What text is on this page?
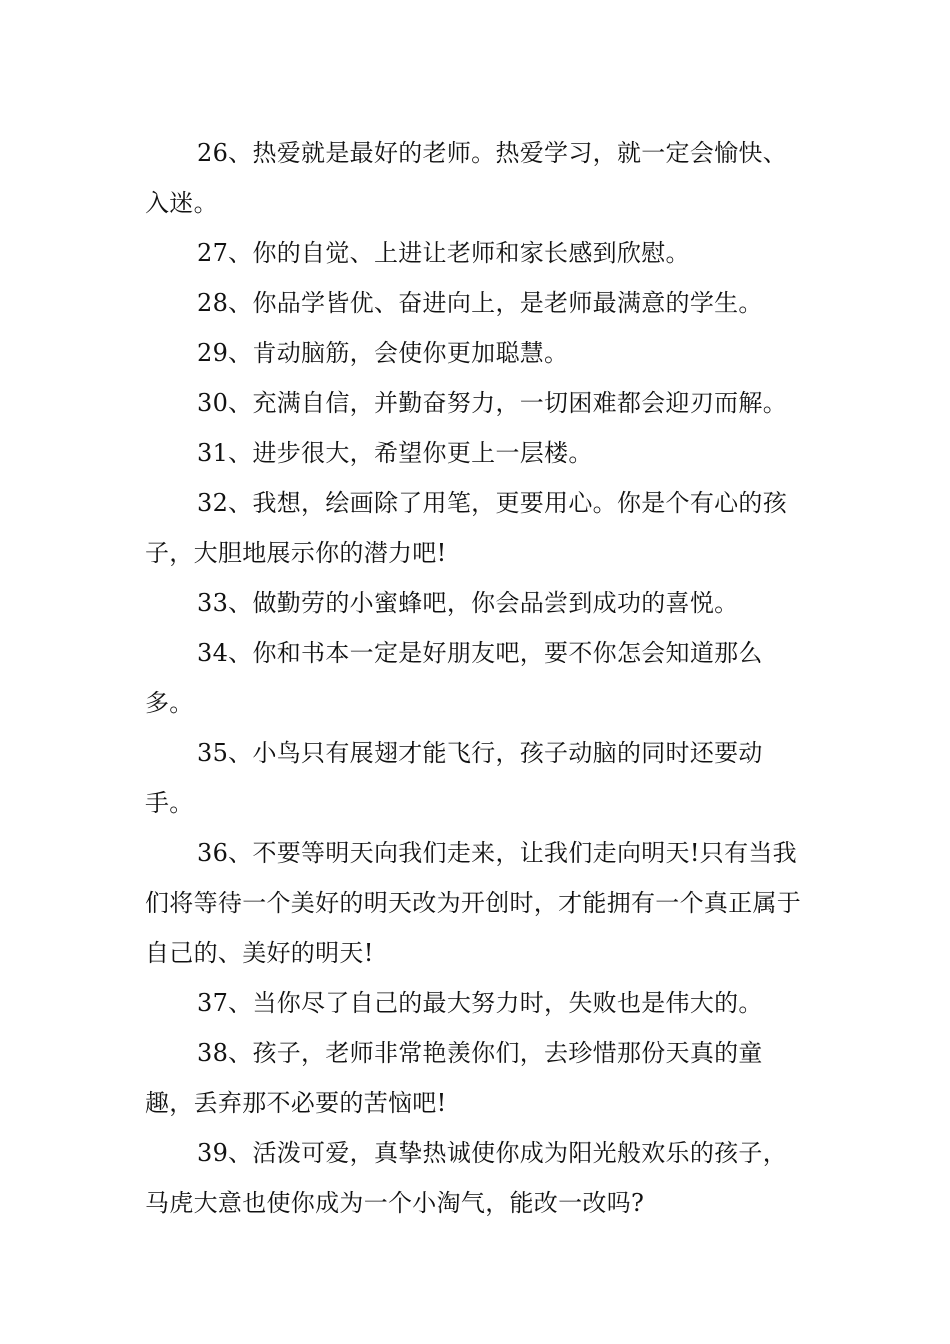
26、热爱就是最好的老师。热爱学习，就一定会愉快、入迷。

27、你的自觉、上进让老师和家长感到欣慰。

28、你品学皆优、奋进向上，是老师最满意的学生。

29、肯动脑筋，会使你更加聪慧。

30、充满自信，并勤奋努力，一切困难都会迎刃而解。

31、进步很大，希望你更上一层楼。

32、我想，绘画除了用笔，更要用心。你是个有心的孩子，大胆地展示你的潜力吧!

33、做勤劳的小蜜蜂吧，你会品尝到成功的喜悦。

34、你和书本一定是好朋友吧，要不你怎会知道那么多。

35、小鸟只有展翅才能飞行，孩子动脑的同时还要动手。

36、不要等明天向我们走来，让我们走向明天!只有当我们将等待一个美好的明天改为开创时，才能拥有一个真正属于自己的、美好的明天!

37、当你尽了自己的最大努力时，失败也是伟大的。

38、孩子，老师非常艳羡你们，去珍惜那份天真的童趣，丢弃那不必要的苦恼吧!

39、活泼可爱，真挚热诚使你成为阳光般欢乐的孩子，马虎大意也使你成为一个小淘气，能改一改吗?
